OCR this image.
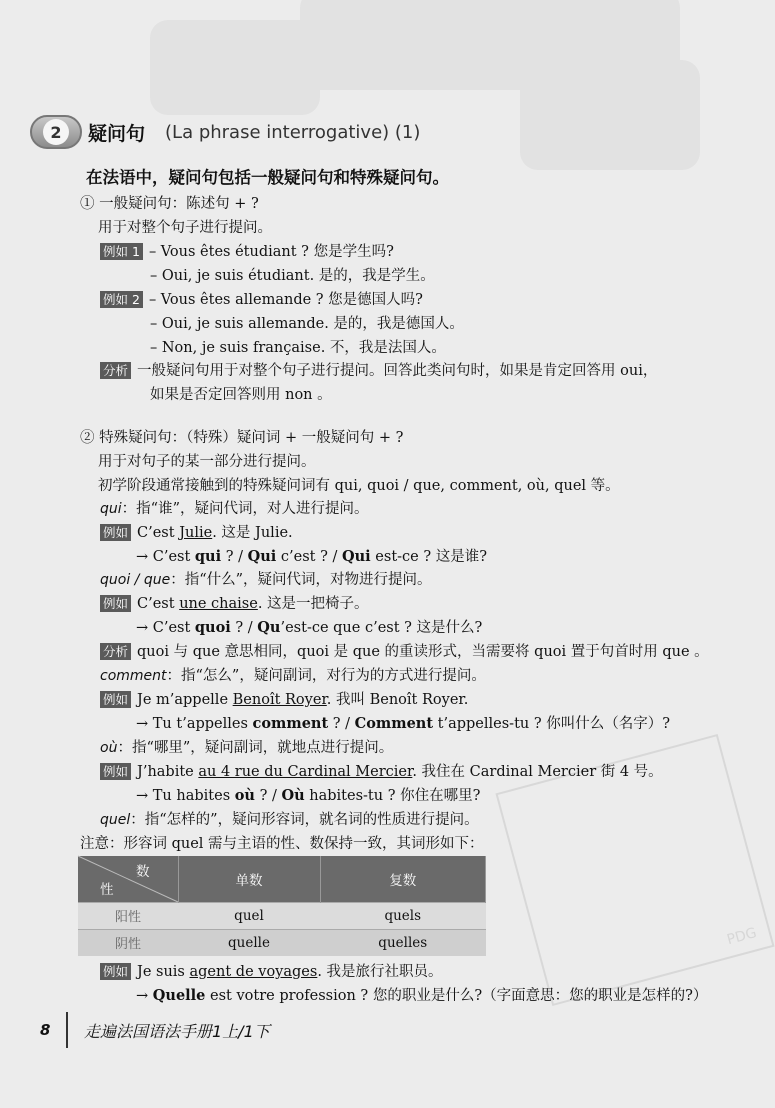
PDG
2	疑问句 (La phrase interrogative) (1)
在法语中，疑问句包括一般疑问句和特殊疑问句。
① 一般疑问句：陈述句 + ?
用于对整个句子进行提问。
例如 1 – Vous êtes étudiant ? 您是学生吗?
– Oui, je suis étudiant. 是的，我是学生。
例如 2 – Vous êtes allemande ? 您是德国人吗?
– Oui, je suis allemande. 是的，我是德国人。
– Non, je suis française. 不，我是法国人。
分析 一般疑问句用于对整个句子进行提问。回答此类问句时，如果是肯定回答用 oui，
如果是否定回答则用 non 。
② 特殊疑问句：（特殊）疑问词 + 一般疑问句 + ?
用于对句子的某一部分进行提问。
初学阶段通常接触到的特殊疑问词有 qui, quoi / que, comment, où, quel 等。
qui：指“谁”，疑问代词，对人进行提问。
例如 C’est Julie. 这是 Julie.
→ C’est qui ? / Qui c’est ? / Qui est-ce ? 这是谁?
quoi / que：指“什么”，疑问代词，对物进行提问。
例如 C’est une chaise. 这是一把椅子。
→ C’est quoi ? / Qu’est-ce que c’est ? 这是什么?
分析 quoi 与 que 意思相同，quoi 是 que 的重读形式，当需要将 quoi 置于句首时用 que 。
comment：指“怎么”，疑问副词，对行为的方式进行提问。
例如 Je m’appelle Benoît Royer. 我叫 Benoît Royer.
→ Tu t’appelles comment ? / Comment t’appelles-tu ? 你叫什么（名字）?
où：指“哪里”，疑问副词，就地点进行提问。
例如 J’habite au 4 rue du Cardinal Mercier. 我住在 Cardinal Mercier 街 4 号。
→ Tu habites où ? / Où habites-tu ? 你住在哪里?
quel：指“怎样的”，疑问形容词，就名词的性质进行提问。
注意：形容词 quel 需与主语的性、数保持一致，其词形如下：
数
性	单数	复数
阳性	quel	quels
阴性	quelle	quelles
例如 Je suis agent de voyages. 我是旅行社职员。
→ Quelle est votre profession ? 您的职业是什么?（字面意思：您的职业是怎样的?）
8 走遍法国语法手册1上/1下
